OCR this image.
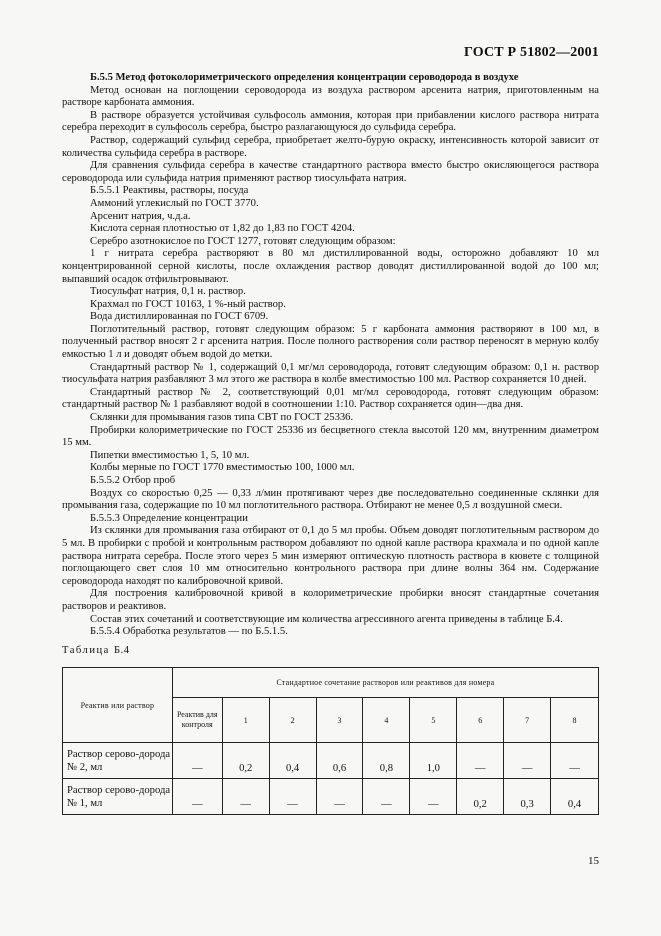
ГОСТ Р 51802—2001

Б.5.5 Метод фотоколориметрического определения концентрации сероводорода в воздухе

Метод основан на поглощении сероводорода из воздуха раствором арсенита натрия, приготовленным на растворе карбоната аммония.

В растворе образуется устойчивая сульфосоль аммония, которая при прибавлении кислого раствора нитрата серебра переходит в сульфосоль серебра, быстро разлагающуюся до сульфида серебра.

Раствор, содержащий сульфид серебра, приобретает желто-бурую окраску, интенсивность которой зависит от количества сульфида серебра в растворе.

Для сравнения сульфида серебра в качестве стандартного раствора вместо быстро окисляющегося раствора сероводорода или сульфида натрия применяют раствор тиосульфата натрия.

Б.5.5.1 Реактивы, растворы, посуда

Аммоний углекислый по ГОСТ 3770.

Арсенит натрия, ч.д.а.

Кислота серная плотностью от 1,82 до 1,83 по ГОСТ 4204.

Серебро азотнокислое по ГОСТ 1277, готовят следующим образом:

1 г нитрата серебра растворяют в 80 мл дистиллированной воды, осторожно добавляют 10 мл концентрированной серной кислоты, после охлаждения раствор доводят дистиллированной водой до 100 мл; выпавший осадок отфильтровывают.

Тиосульфат натрия, 0,1 н. раствор.

Крахмал по ГОСТ 10163, 1 %-ный раствор.

Вода дистиллированная по ГОСТ 6709.

Поглотительный раствор, готовят следующим образом: 5 г карбоната аммония растворяют в 100 мл, в полученный раствор вносят 2 г арсенита натрия. После полного растворения соли раствор переносят в мерную колбу емкостью 1 л и доводят объем водой до метки.

Стандартный раствор № 1, содержащий 0,1 мг/мл сероводорода, готовят следующим образом: 0,1 н. раствор тиосульфата натрия разбавляют 3 мл этого же раствора в колбе вместимостью 100 мл. Раствор сохраняется 10 дней.

Стандартный раствор № 2, соответствующий 0,01 мг/мл сероводорода, готовят следующим образом: стандартный раствор № 1 разбавляют водой в соотношении 1:10. Раствор сохраняется один—два дня.

Склянки для промывания газов типа СВТ по ГОСТ 25336.

Пробирки колориметрические по ГОСТ 25336 из бесцветного стекла высотой 120 мм, внутренним диаметром 15 мм.

Пипетки вместимостью 1, 5, 10 мл.

Колбы мерные по ГОСТ 1770 вместимостью 100, 1000 мл.

Б.5.5.2 Отбор проб

Воздух со скоростью 0,25 — 0,33 л/мин протягивают через две последовательно соединенные склянки для промывания газа, содержащие по 10 мл поглотительного раствора. Отбирают не менее 0,5 л воздушной смеси.

Б.5.5.3 Определение концентрации

Из склянки для промывания газа отбирают от 0,1 до 5 мл пробы. Объем доводят поглотительным раствором до 5 мл. В пробирки с пробой и контрольным раствором добавляют по одной капле раствора крахмала и по одной капле раствора нитрата серебра. После этого через 5 мин измеряют оптическую плотность раствора в кювете с толщиной поглощающего свет слоя 10 мм относительно контрольного раствора при длине волны 364 нм. Содержание сероводорода находят по калибровочной кривой.

Для построения калибровочной кривой в колориметрические пробирки вносят стандартные сочетания растворов и реактивов.

Состав этих сочетаний и соответствующие им количества агрессивного агента приведены в таблице Б.4.

Б.5.5.4 Обработка результатов — по Б.5.1.5.

Таблица Б.4
Реактив или раствор	Стандартное сочетание растворов или реактивов для номера								
	Реактив для контроля	1	2	3	4	5	6	7	8
Раствор серово-дорода № 2, мл	—	0,2	0,4	0,6	0,8	1,0	—	—	—
Раствор серово-дорода № 1, мл	—	—	—	—	—	—	0,2	0,3	0,4
15
